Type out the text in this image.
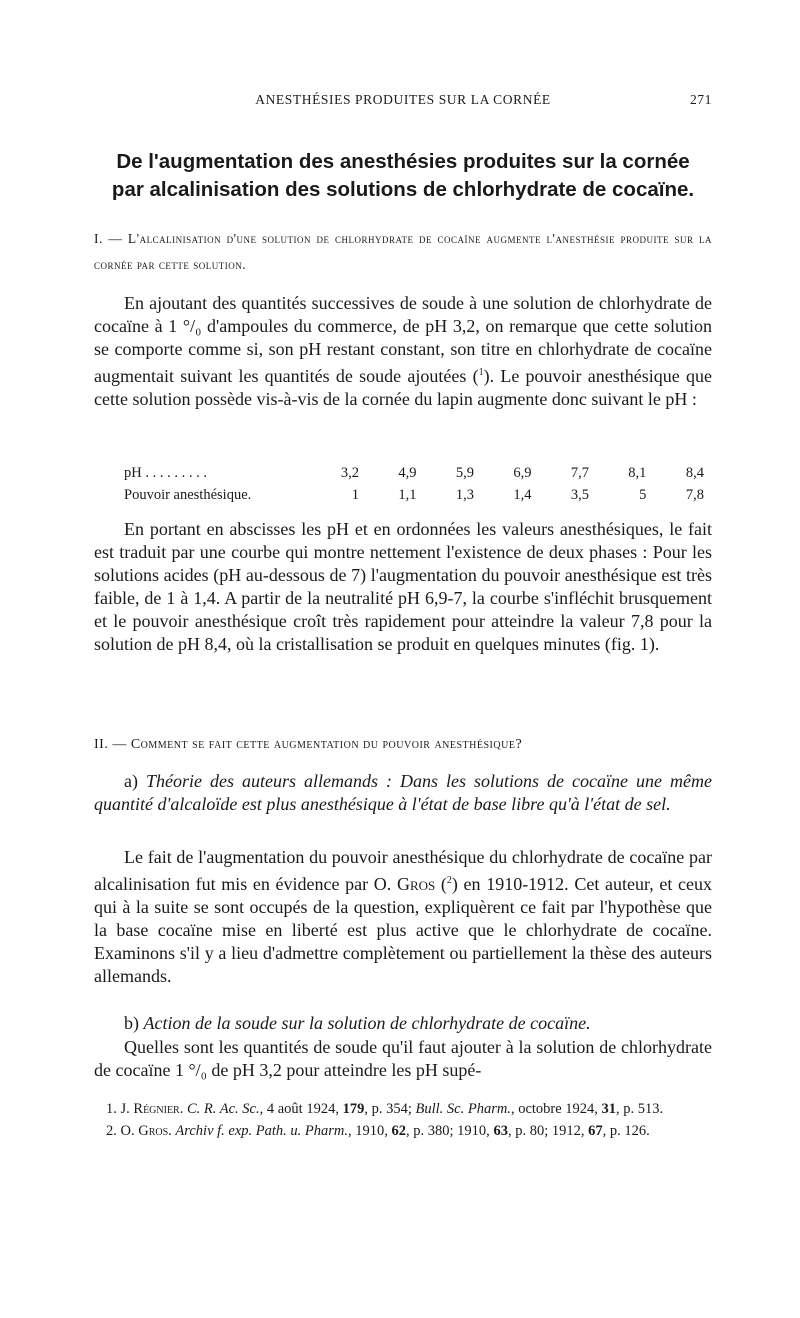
ANESTHÉSIES PRODUITES SUR LA CORNÉE	271
De l'augmentation des anesthésies produites sur la cornée
par alcalinisation des solutions de chlorhydrate de cocaïne.
I. — L'alcalinisation d'une solution de chlorhydrate de cocaïne augmente l'anesthésie produite sur la cornée par cette solution.

En ajoutant des quantités successives de soude à une solution de chlorhydrate de cocaïne à 1 °/₀ d'ampoules du commerce, de pH 3,2, on remarque que cette solution se comporte comme si, son pH restant constant, son titre en chlorhydrate de cocaïne augmentait suivant les quantités de soude ajoutées ($^1$). Le pouvoir anesthésique que cette solution possède vis-à-vis de la cornée du lapin augmente donc suivant le pH :

pH . . . . . . . . .	3,2	4,9	5,9	6,9	7,7	8,1	8,4
Pouvoir anesthésique.	1	1,1	1,3	1,4	3,5	5	7,8

En portant en abscisses les pH et en ordonnées les valeurs anesthésiques, le fait est traduit par une courbe qui montre nettement l'existence de deux phases : Pour les solutions acides (pH au-dessous de 7) l'augmentation du pouvoir anesthésique est très faible, de 1 à 1,4. A partir de la neutralité pH 6,9-7, la courbe s'infléchit brusquement et le pouvoir anesthésique croît très rapidement pour atteindre la valeur 7,8 pour la solution de pH 8,4, où la cristallisation se produit en quelques minutes (fig. 1).

II. — Comment se fait cette augmentation du pouvoir anesthésique?

a) Théorie des auteurs allemands : Dans les solutions de cocaïne une même quantité d'alcaloïde est plus anesthésique à l'état de base libre qu'à l'état de sel.

Le fait de l'augmentation du pouvoir anesthésique du chlorhydrate de cocaïne par alcalinisation fut mis en évidence par O. Gros ($^2$) en 1910-1912. Cet auteur, et ceux qui à la suite se sont occupés de la question, expliquèrent ce fait par l'hypothèse que la base cocaïne mise en liberté est plus active que le chlorhydrate de cocaïne. Examinons s'il y a lieu d'admettre complètement ou partiellement la thèse des auteurs allemands.

b) Action de la soude sur la solution de chlorhydrate de cocaïne.

Quelles sont les quantités de soude qu'il faut ajouter à la solution de chlorhydrate de cocaïne 1 °/₀ de pH 3,2 pour atteindre les pH supé-

1. J. Régnier. C. R. Ac. Sc., 4 août 1924, 179, p. 354; Bull. Sc. Pharm., octobre 1924, 31, p. 513.

2. O. Gros. Archiv f. exp. Path. u. Pharm., 1910, 62, p. 380; 1910, 63, p. 80; 1912, 67, p. 126.
